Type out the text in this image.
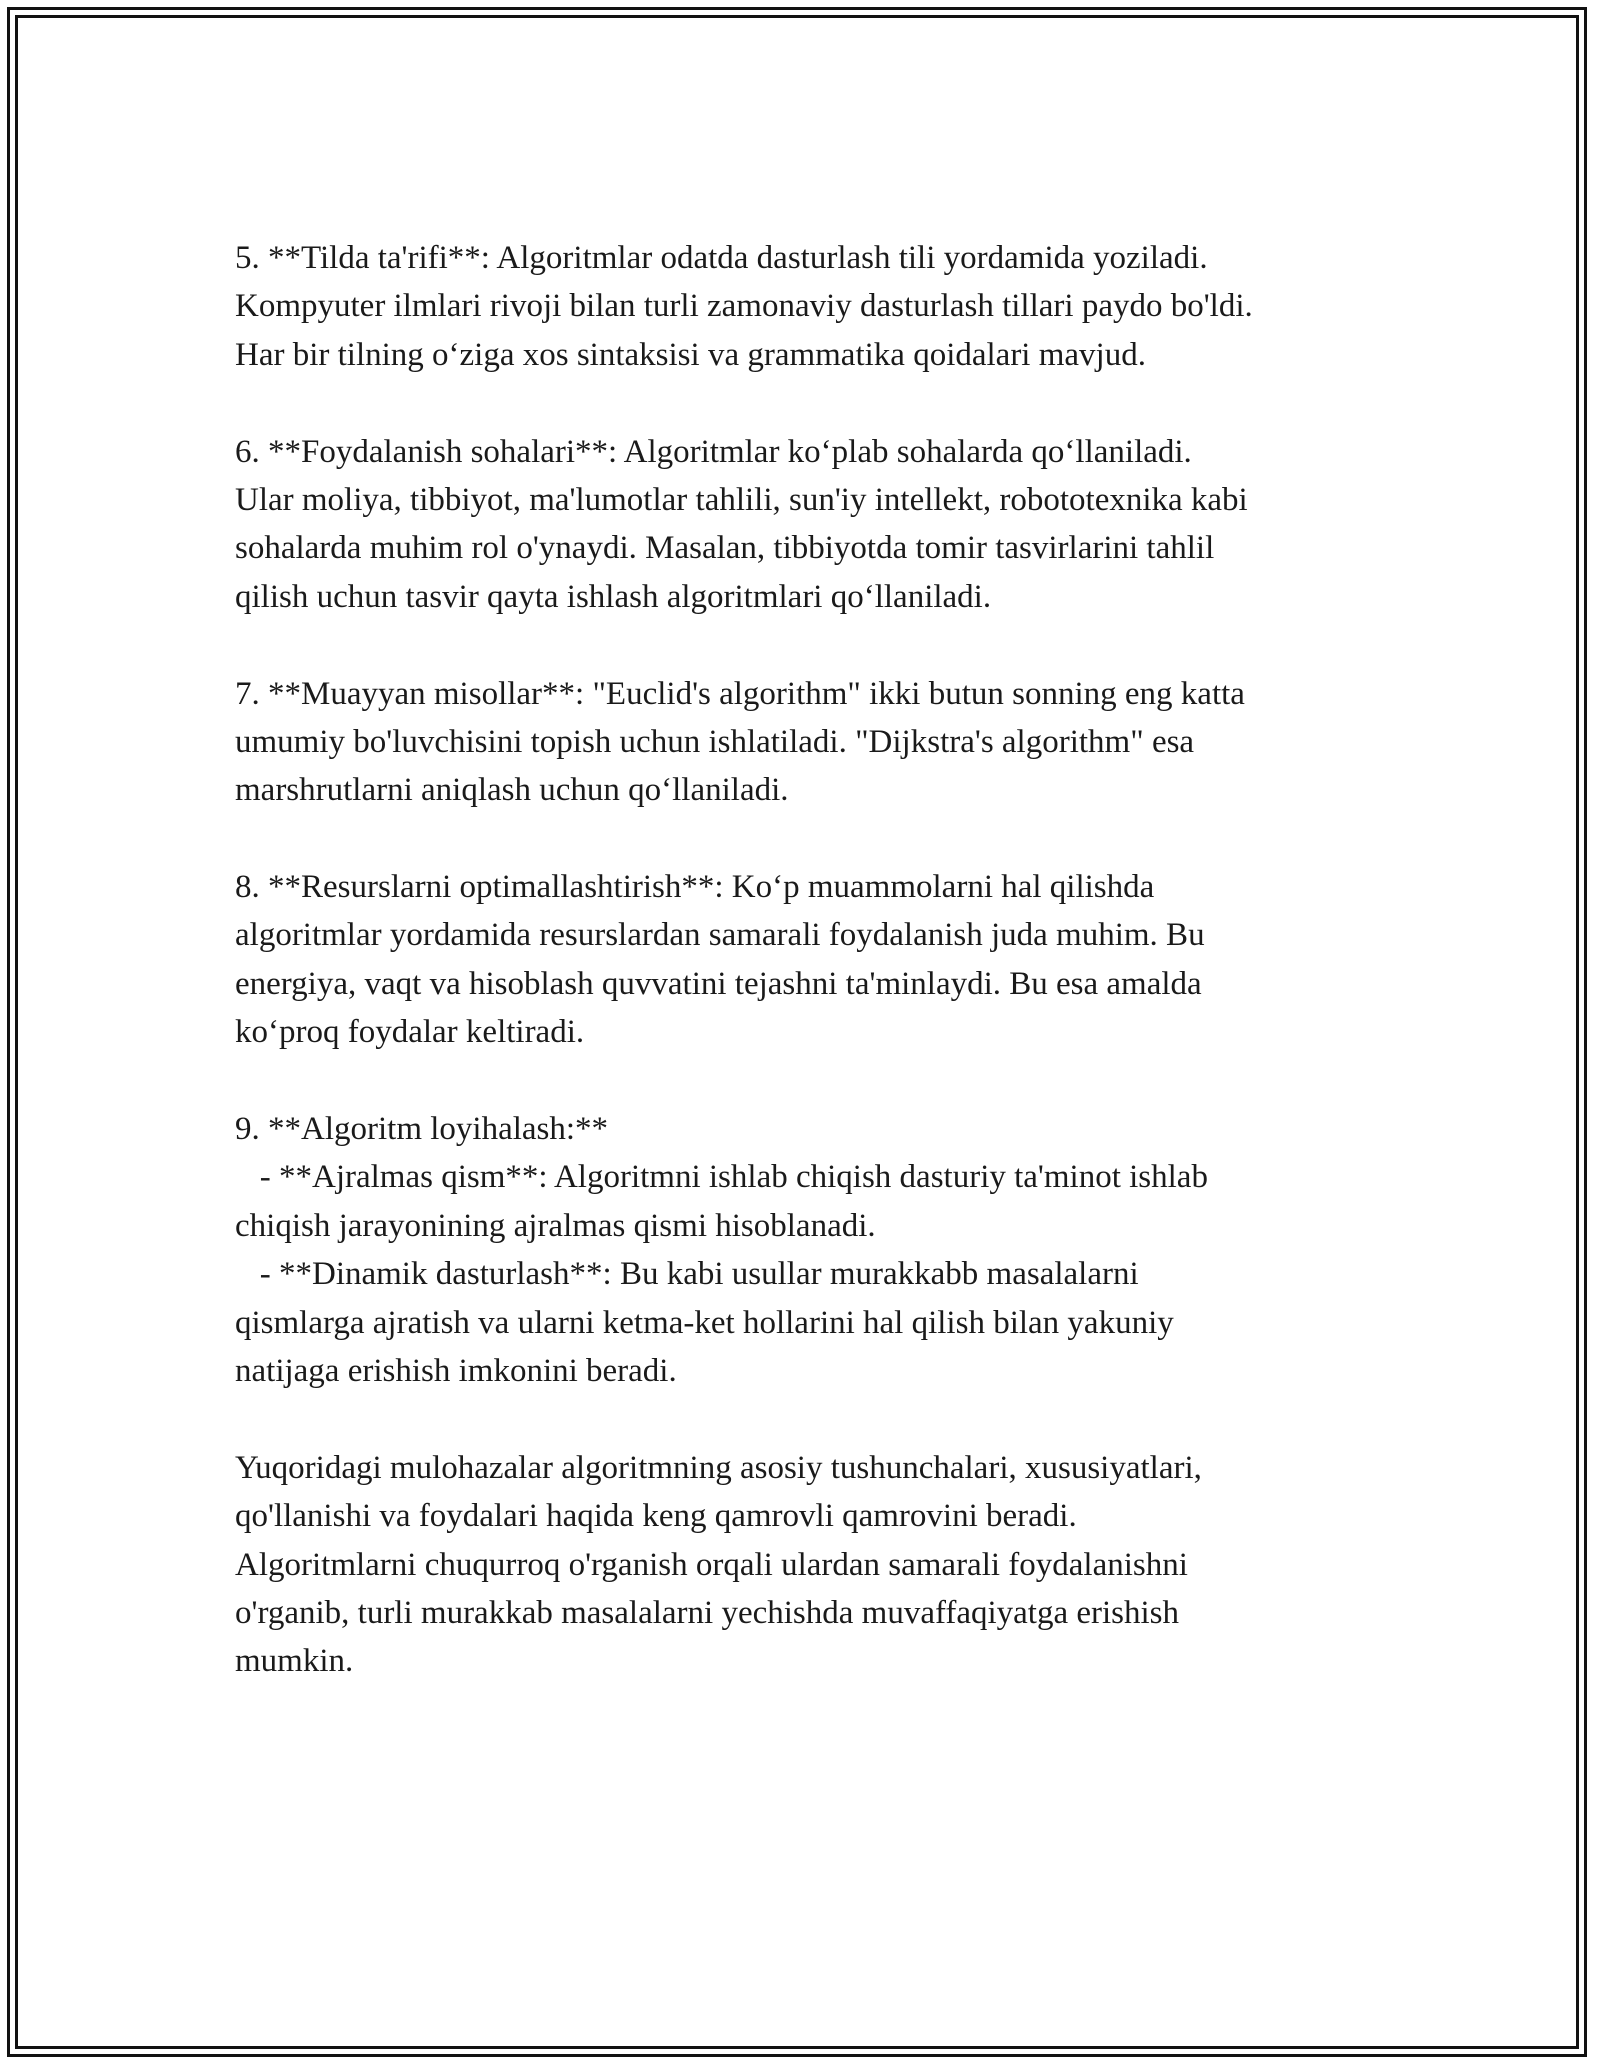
5. **Tilda ta'rifi**: Algoritmlar odatda dasturlash tili yordamida yoziladi.
Kompyuter ilmlari rivoji bilan turli zamonaviy dasturlash tillari paydo bo'ldi.
Har bir tilning o‘ziga xos sintaksisi va grammatika qoidalari mavjud.
6. **Foydalanish sohalari**: Algoritmlar ko‘plab sohalarda qo‘llaniladi.
Ular moliya, tibbiyot, ma'lumotlar tahlili, sun'iy intellekt, robototexnika kabi
sohalarda muhim rol o'ynaydi. Masalan, tibbiyotda tomir tasvirlarini tahlil
qilish uchun tasvir qayta ishlash algoritmlari qo‘llaniladi.
7. **Muayyan misollar**: "Euclid's algorithm" ikki butun sonning eng katta
umumiy bo'luvchisini topish uchun ishlatiladi. "Dijkstra's algorithm" esa
marshrutlarni aniqlash uchun qo‘llaniladi.
8. **Resurslarni optimallashtirish**: Ko‘p muammolarni hal qilishda
algoritmlar yordamida resurslardan samarali foydalanish juda muhim. Bu
energiya, vaqt va hisoblash quvvatini tejashni ta'minlaydi. Bu esa amalda
ko‘proq foydalar keltiradi.
9. **Algoritm loyihalash:**
- **Ajralmas qism**: Algoritmni ishlab chiqish dasturiy ta'minot ishlab
chiqish jarayonining ajralmas qismi hisoblanadi.
- **Dinamik dasturlash**: Bu kabi usullar murakkabb masalalarni
qismlarga ajratish va ularni ketma-ket hollarini hal qilish bilan yakuniy
natijaga erishish imkonini beradi.
Yuqoridagi mulohazalar algoritmning asosiy tushunchalari, xususiyatlari,
qo'llanishi va foydalari haqida keng qamrovli qamrovini beradi.
Algoritmlarni chuqurroq o'rganish orqali ulardan samarali foydalanishni
o'rganib, turli murakkab masalalarni yechishda muvaffaqiyatga erishish
mumkin.
